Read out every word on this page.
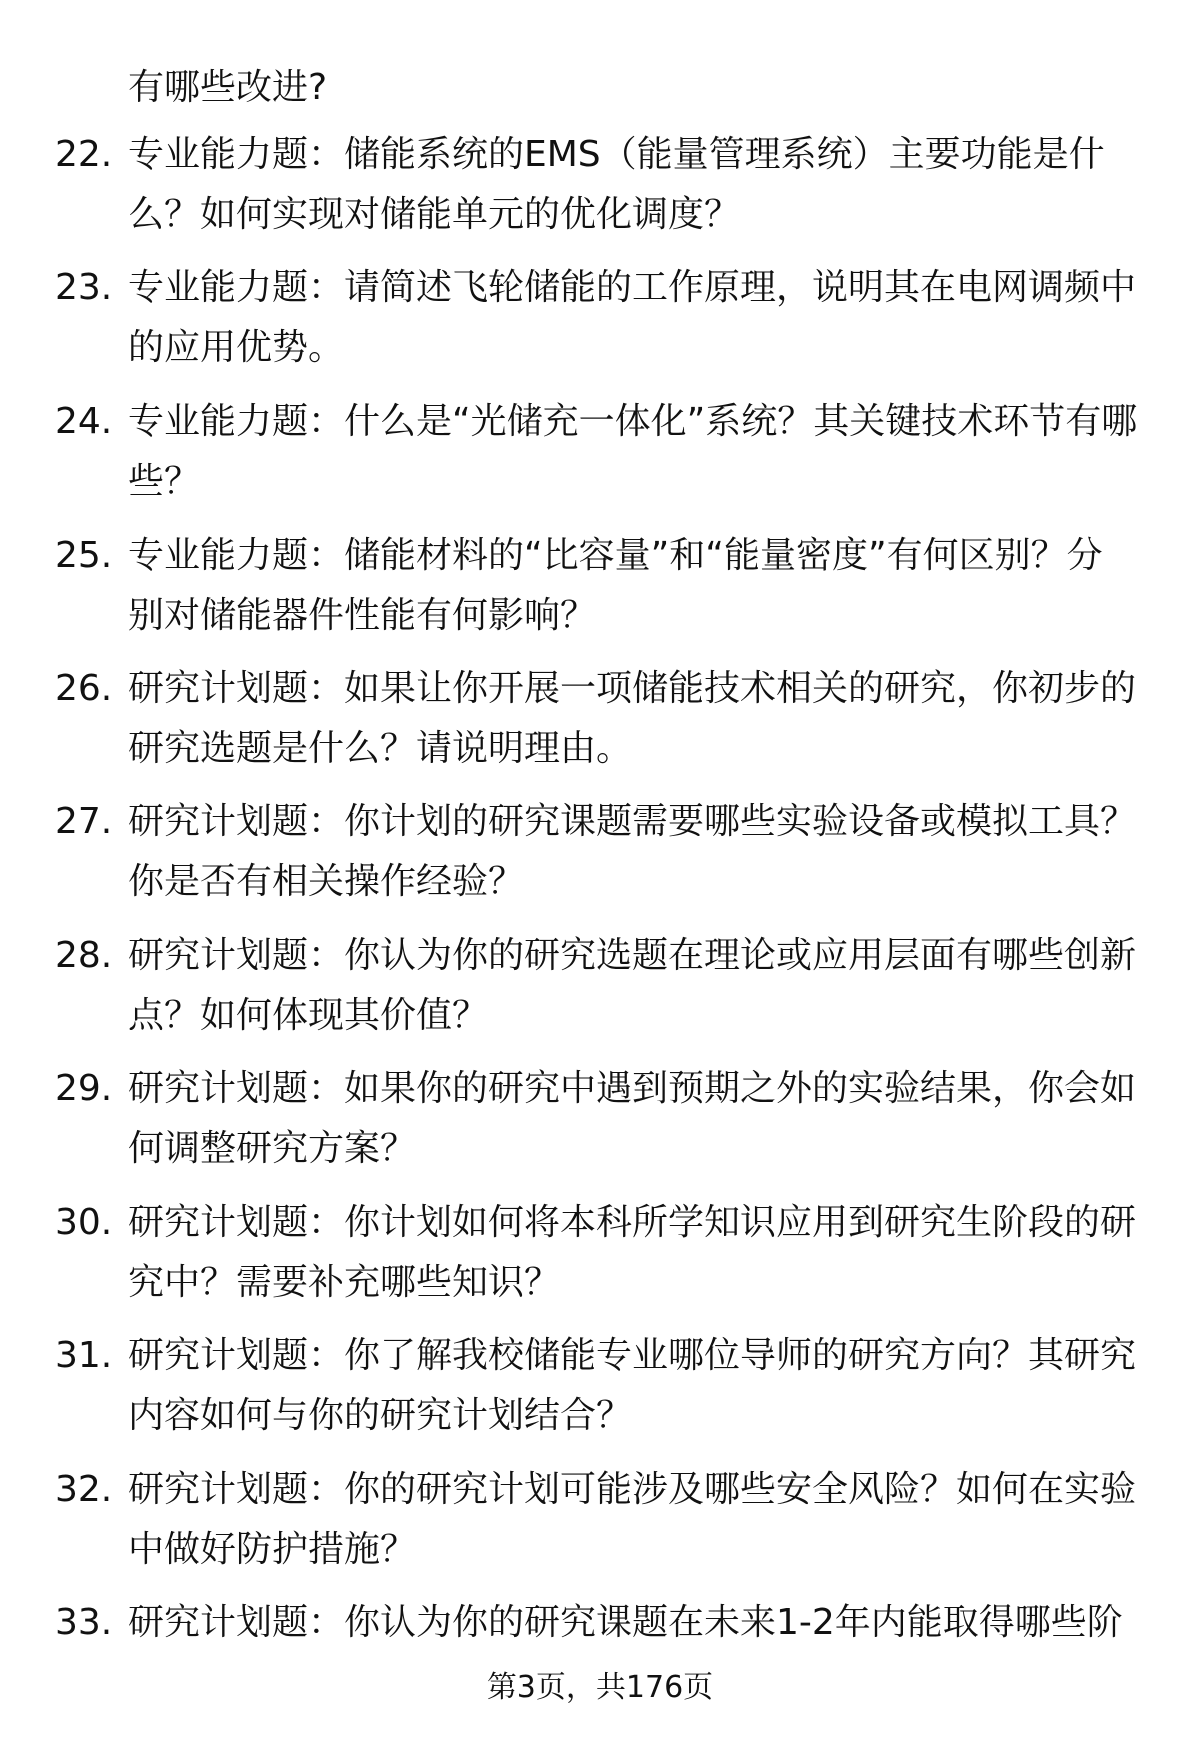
有哪些改进?

22. 专业能力题：储能系统的EMS（能量管理系统）主要功能是什么？如何实现对储能单元的优化调度？
23. 专业能力题：请简述飞轮储能的工作原理，说明其在电网调频中的应用优势。
24. 专业能力题：什么是“光储充一体化”系统？其关键技术环节有哪些？
25. 专业能力题：储能材料的“比容量”和“能量密度”有何区别？分别对储能器件性能有何影响？
26. 研究计划题：如果让你开展一项储能技术相关的研究，你初步的研究选题是什么？请说明理由。
27. 研究计划题：你计划的研究课题需要哪些实验设备或模拟工具？你是否有相关操作经验？
28. 研究计划题：你认为你的研究选题在理论或应用层面有哪些创新点？如何体现其价值？
29. 研究计划题：如果你的研究中遇到预期之外的实验结果，你会如何调整研究方案？
30. 研究计划题：你计划如何将本科所学知识应用到研究生阶段的研究中？需要补充哪些知识？
31. 研究计划题：你了解我校储能专业哪位导师的研究方向？其研究内容如何与你的研究计划结合？
32. 研究计划题：你的研究计划可能涉及哪些安全风险？如何在实验中做好防护措施？
33. 研究计划题：你认为你的研究课题在未来1-2年内能取得哪些阶
第3页，共176页
